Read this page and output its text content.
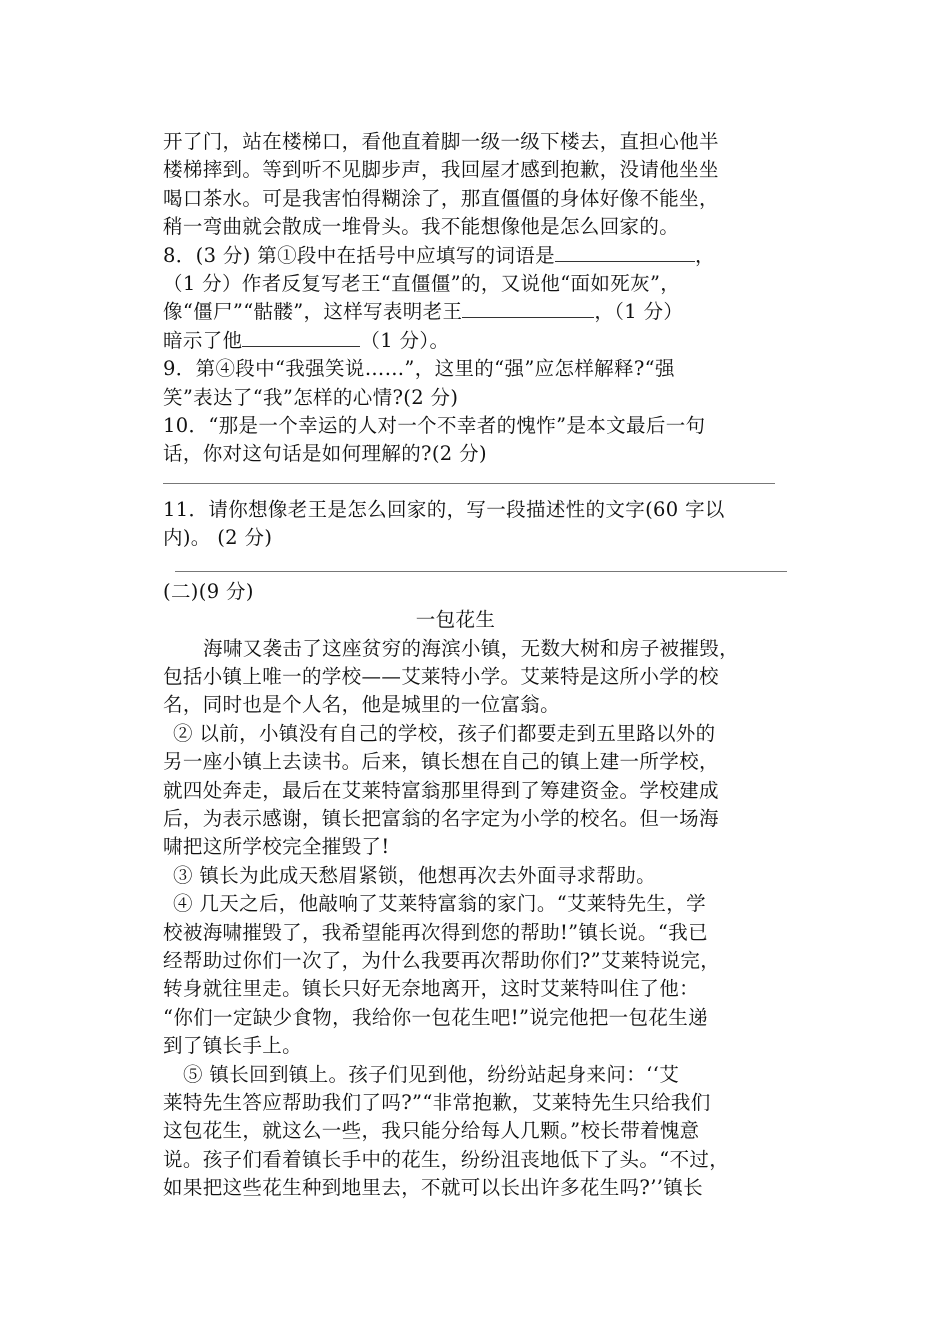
开了门，站在楼梯口，看他直着脚一级一级下楼去，直担心他半
楼梯摔到。等到听不见脚步声，我回屋才感到抱歉，没请他坐坐
喝口茶水。可是我害怕得糊涂了，那直僵僵的身体好像不能坐，
稍一弯曲就会散成一堆骨头。我不能想像他是怎么回家的。
8．(3 分) 第①段中在括号中应填写的词语是	，
（1 分）作者反复写老王“直僵僵”的，又说他“面如死灰”，
像“僵尸”“骷髅”，这样写表明老王	，（1 分）
暗示了他	（1 分）。
9．第④段中“我强笑说……”，这里的“强”应怎样解释?“强
笑”表达了“我”怎样的心情?(2 分)
10．“那是一个幸运的人对一个不幸者的愧怍”是本文最后一句
话，你对这句话是如何理解的?(2 分)
11．请你想像老王是怎么回家的，写一段描述性的文字(60 字以
内)。 (2 分)
(二)(9 分)
一包花生
海啸又袭击了这座贫穷的海滨小镇，无数大树和房子被摧毁，
包括小镇上唯一的学校——艾莱特小学。艾莱特是这所小学的校
名，同时也是个人名，他是城里的一位富翁。
② 以前，小镇没有自己的学校，孩子们都要走到五里路以外的
另一座小镇上去读书。后来，镇长想在自己的镇上建一所学校，
就四处奔走，最后在艾莱特富翁那里得到了筹建资金。学校建成
后，为表示感谢，镇长把富翁的名字定为小学的校名。但一场海
啸把这所学校完全摧毁了!
③ 镇长为此成天愁眉紧锁，他想再次去外面寻求帮助。
④ 几天之后，他敲响了艾莱特富翁的家门。“艾莱特先生，学
校被海啸摧毁了，我希望能再次得到您的帮助!”镇长说。“我已
经帮助过你们一次了，为什么我要再次帮助你们?”艾莱特说完，
转身就往里走。镇长只好无奈地离开，这时艾莱特叫住了他：
“你们一定缺少食物，我给你一包花生吧!”说完他把一包花生递
到了镇长手上。
⑤ 镇长回到镇上。孩子们见到他，纷纷站起身来问：‘‘艾
莱特先生答应帮助我们了吗?”“非常抱歉，艾莱特先生只给我们
这包花生，就这么一些，我只能分给每人几颗。”校长带着愧意
说。孩子们看着镇长手中的花生，纷纷沮丧地低下了头。“不过，
如果把这些花生种到地里去，不就可以长出许多花生吗?’’镇长
